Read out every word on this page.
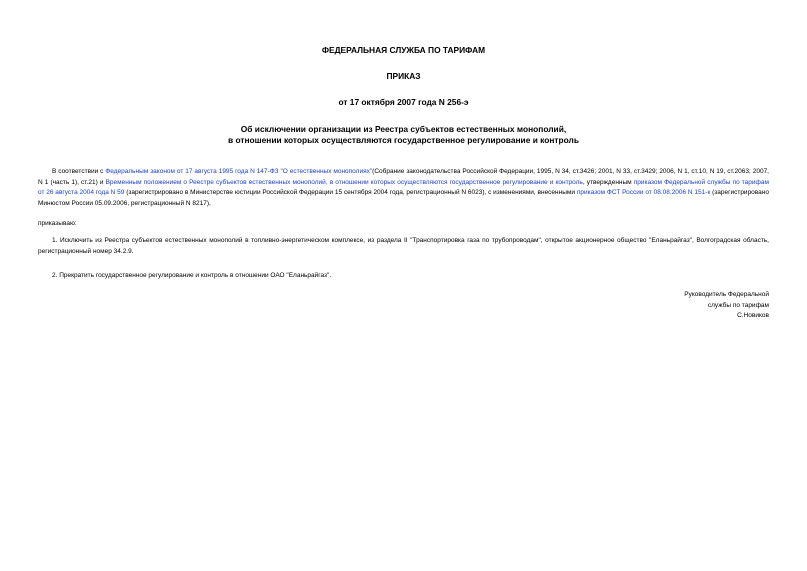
ФЕДЕРАЛЬНАЯ СЛУЖБА ПО ТАРИФАМ
ПРИКАЗ
от 17 октября 2007 года N 256-э
Об исключении организации из Реестра субъектов естественных монополий,
в отношении которых осуществляются государственное регулирование и контроль

В соответствии с Федеральным законом от 17 августа 1995 года N 147-ФЗ "О естественных монополиях"(Собрание законодательства Российской Федерации, 1995, N 34, ст.3426; 2001, N 33, ст.3429; 2006, N 1, ст.10, N 19, ст.2063; 2007, N 1 (часть 1), ст.21) и Временным положением о Реестре субъектов естественных монополий, в отношении которых осуществляются государственное регулирование и контроль, утвержденным приказом Федеральной службы по тарифам от 26 августа 2004 года N 59 (зарегистрировано в Министерстве юстиции Российской Федерации 15 сентября 2004 года, регистрационный N 6023), с изменениями, внесенными приказом ФСТ России от 08.08.2006 N 151-к (зарегистрировано Минюстом России 05.09.2006, регистрационный N 8217),

приказываю:

1. Исключить из Реестра субъектов естественных монополий в топливно-энергетическом комплексе, из раздела II "Транспортировка газа по трубопроводам", открытое акционерное общество "Еланьрайгаз", Волгоградская область, регистрационный номер 34.2.9.

2. Прекратить государственное регулирование и контроль в отношении ОАО "Еланьрайгаз".

Руководитель Федеральной
службы по тарифам
С.Новиков
